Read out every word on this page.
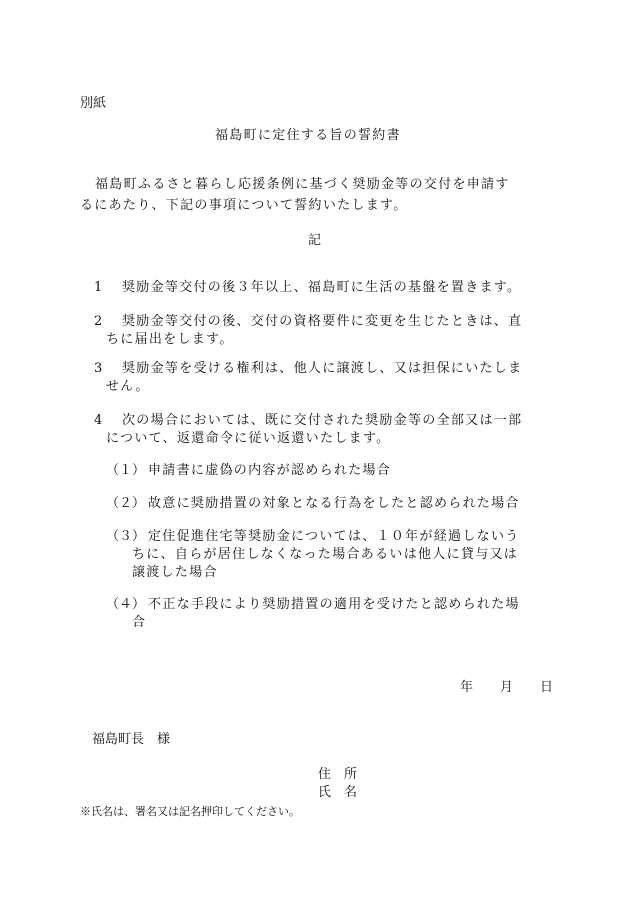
別紙

福島町に定住する旨の誓約書

福島町ふるさと暮らし応援条例に基づく奨励金等の交付を申請す

るにあたり、下記の事項について誓約いたします。

記

1 奨励金等交付の後３年以上、福島町に生活の基盤を置きます。

2 奨励金等交付の後、交付の資格要件に変更を生じたときは、直

ちに届出をします。

3 奨励金等を受ける権利は、他人に譲渡し、又は担保にいたしま

せん。

4 次の場合においては、既に交付された奨励金等の全部又は一部

について、返還命令に従い返還いたします。

（１） 申請書に虚偽の内容が認められた場合

（２） 故意に奨励措置の対象となる行為をしたと認められた場合

（３） 定住促進住宅等奨励金については、１０年が経過しないう

ちに、自らが居住しなくなった場合あるいは他人に貸与又は

譲渡した場合

（４） 不正な手段により奨励措置の適用を受けたと認められた場

合

年 月 日

福島町長　様

住　所

氏　名

※氏名は、署名又は記名押印してください。
